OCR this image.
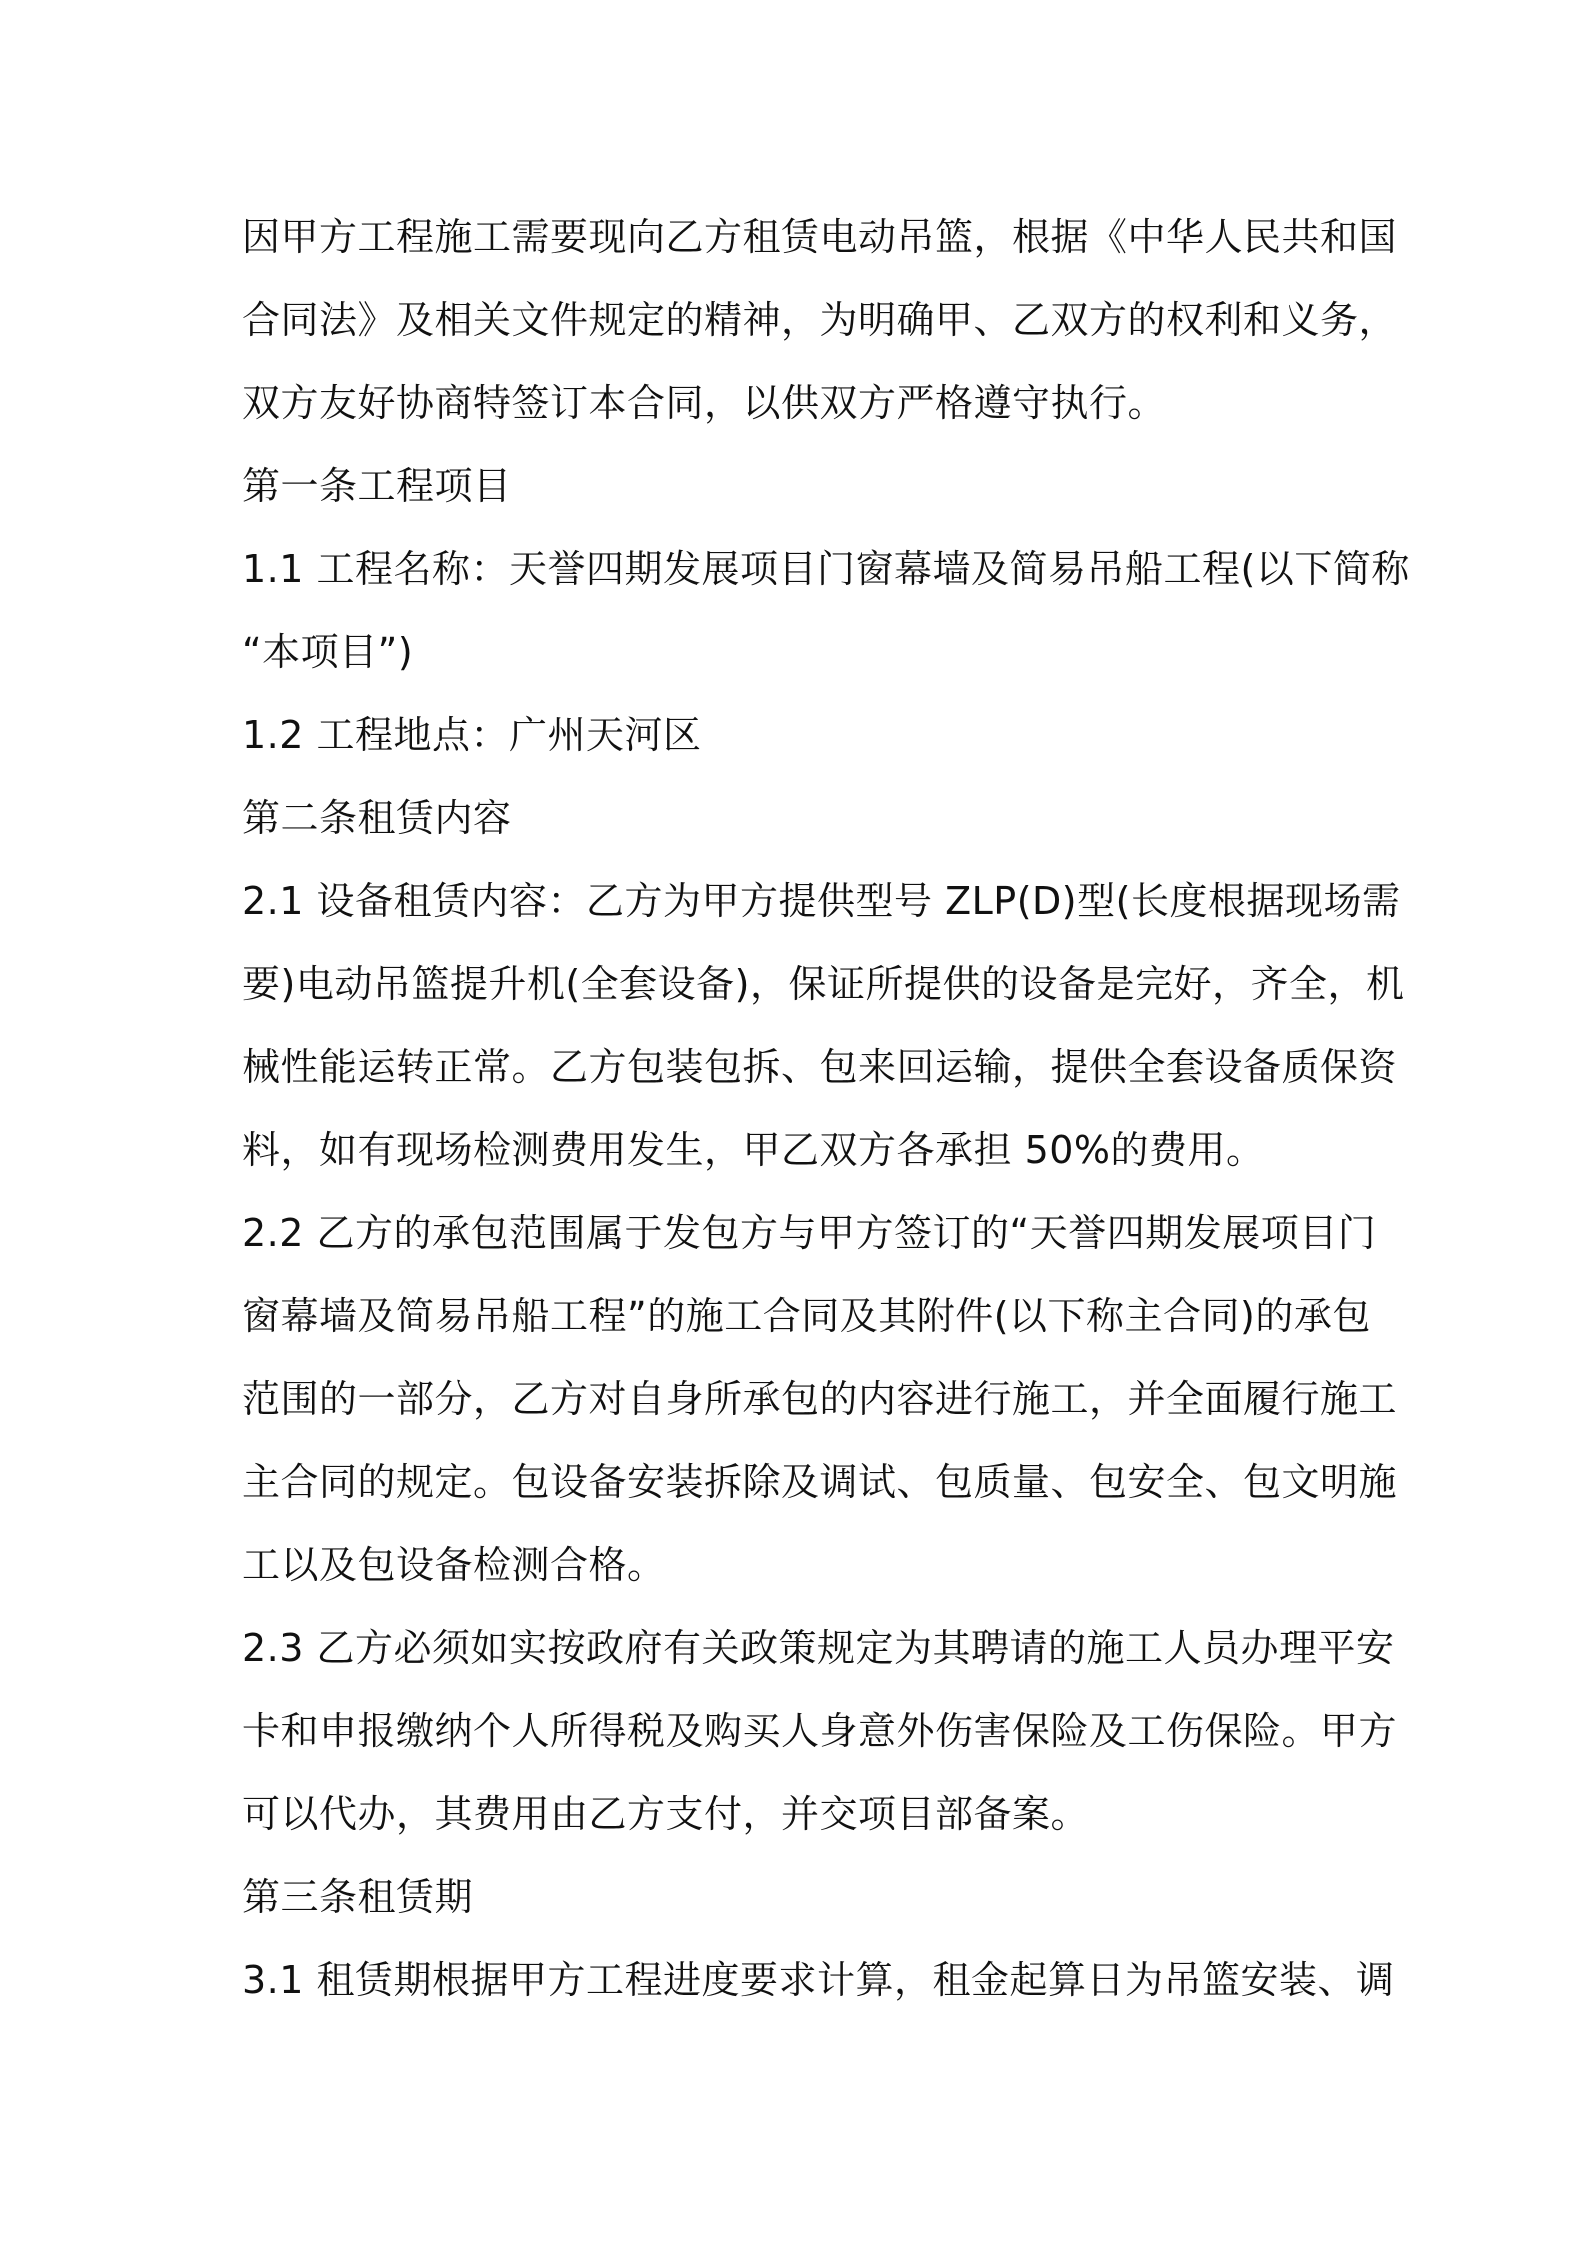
因甲方工程施工需要现向乙方租赁电动吊篮，根据《中华人民共和国
合同法》及相关文件规定的精神，为明确甲、乙双方的权利和义务，
双方友好协商特签订本合同，以供双方严格遵守执行。
第一条工程项目
1.1 工程名称：天誉四期发展项目门窗幕墙及简易吊船工程(以下简称
“本项目”)
1.2 工程地点：广州天河区
第二条租赁内容
2.1 设备租赁内容：乙方为甲方提供型号 ZLP(D)型(长度根据现场需
要)电动吊篮提升机(全套设备)，保证所提供的设备是完好，齐全，机
械性能运转正常。乙方包装包拆、包来回运输，提供全套设备质保资
料，如有现场检测费用发生，甲乙双方各承担 50%的费用。
2.2 乙方的承包范围属于发包方与甲方签订的“天誉四期发展项目门
窗幕墙及简易吊船工程”的施工合同及其附件(以下称主合同)的承包
范围的一部分，乙方对自身所承包的内容进行施工，并全面履行施工
主合同的规定。包设备安装拆除及调试、包质量、包安全、包文明施
工以及包设备检测合格。
2.3 乙方必须如实按政府有关政策规定为其聘请的施工人员办理平安
卡和申报缴纳个人所得税及购买人身意外伤害保险及工伤保险。甲方
可以代办，其费用由乙方支付，并交项目部备案。
第三条租赁期
3.1 租赁期根据甲方工程进度要求计算，租金起算日为吊篮安装、调
